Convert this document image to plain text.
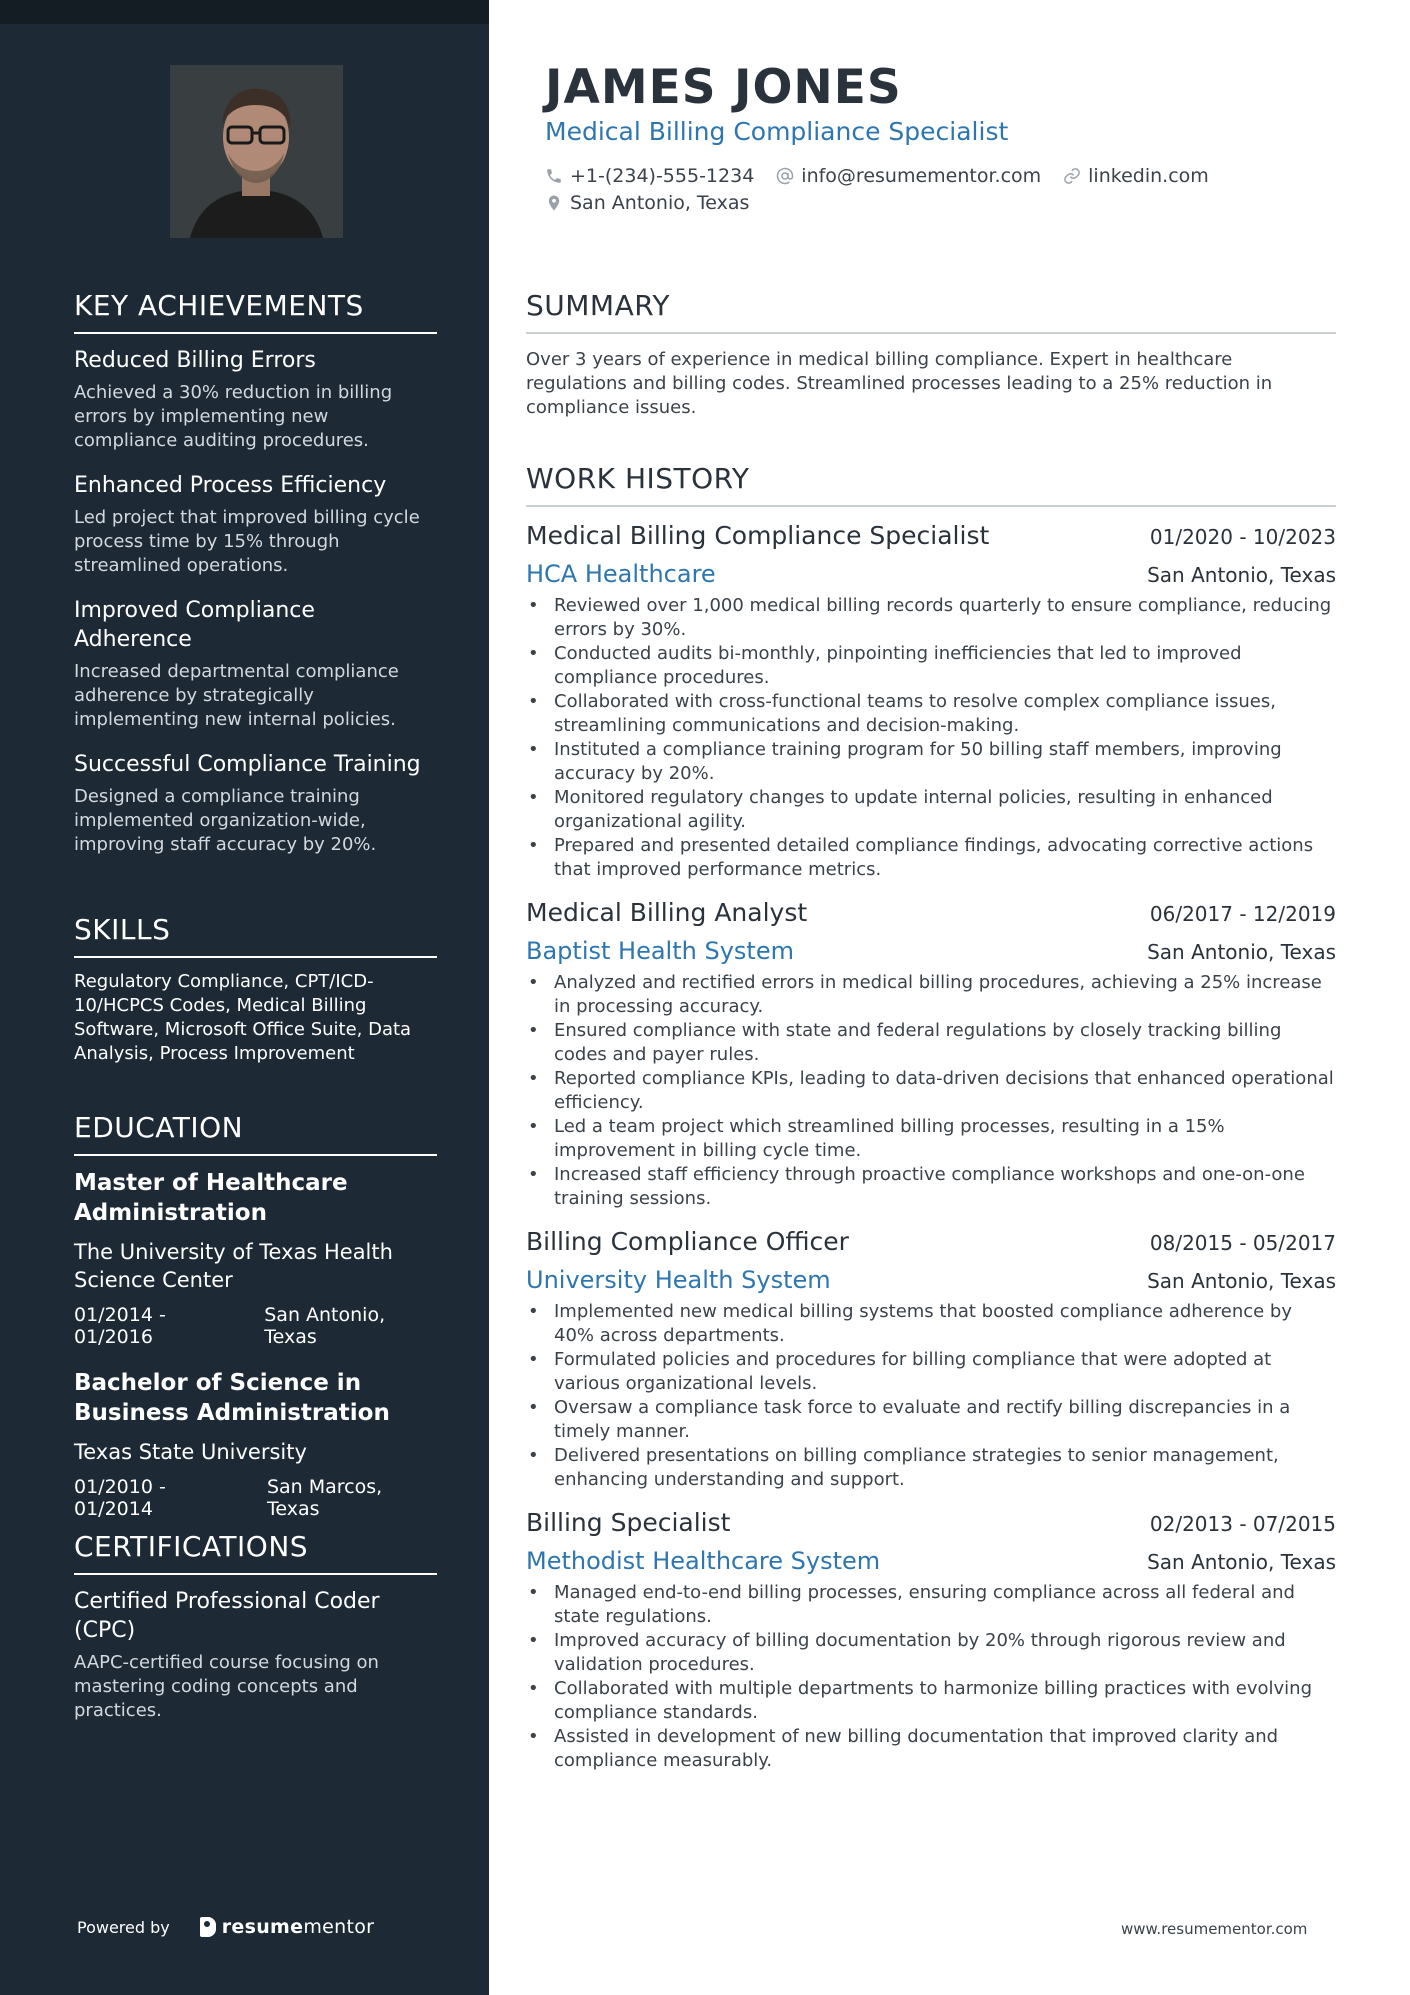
KEY ACHIEVEMENTS
Reduced Billing Errors
Achieved a 30% reduction in billing errors by implementing new compliance auditing procedures.
Enhanced Process Efficiency
Led project that improved billing cycle process time by 15% through streamlined operations.
Improved Compliance Adherence
Increased departmental compliance adherence by strategically implementing new internal policies.
Successful Compliance Training
Designed a compliance training implemented organization-wide, improving staff accuracy by 20%.
SKILLS
Regulatory Compliance, CPT/ICD-10/HCPCS Codes, Medical Billing Software, Microsoft Office Suite, Data Analysis, Process Improvement
EDUCATION
Master of Healthcare Administration
The University of Texas Health Science Center
01/2014 - 01/2016
San Antonio, Texas
Bachelor of Science in Business Administration
Texas State University
01/2010 - 01/2014
San Marcos, Texas
CERTIFICATIONS
Certified Professional Coder (CPC)
AAPC-certified course focusing on mastering coding concepts and practices.
Powered by	resume mentor
JAMES JONES
Medical Billing Compliance Specialist
+1-(234)-555-1234 info@resumementor.com linkedin.com
San Antonio, Texas
SUMMARY
Over 3 years of experience in medical billing compliance. Expert in healthcare regulations and billing codes. Streamlined processes leading to a 25% reduction in compliance issues.
WORK HISTORY
Medical Billing Compliance Specialist	01/2020 - 10/2023
HCA Healthcare	San Antonio, Texas
• Reviewed over 1,000 medical billing records quarterly to ensure compliance, reducing errors by 30%.
• Conducted audits bi-monthly, pinpointing inefficiencies that led to improved compliance procedures.
• Collaborated with cross-functional teams to resolve complex compliance issues, streamlining communications and decision-making.
• Instituted a compliance training program for 50 billing staff members, improving accuracy by 20%.
• Monitored regulatory changes to update internal policies, resulting in enhanced organizational agility.
• Prepared and presented detailed compliance findings, advocating corrective actions that improved performance metrics.
Medical Billing Analyst	06/2017 - 12/2019
Baptist Health System	San Antonio, Texas
• Analyzed and rectified errors in medical billing procedures, achieving a 25% increase in processing accuracy.
• Ensured compliance with state and federal regulations by closely tracking billing codes and payer rules.
• Reported compliance KPIs, leading to data-driven decisions that enhanced operational efficiency.
• Led a team project which streamlined billing processes, resulting in a 15% improvement in billing cycle time.
• Increased staff efficiency through proactive compliance workshops and one-on-one training sessions.
Billing Compliance Officer	08/2015 - 05/2017
University Health System	San Antonio, Texas
• Implemented new medical billing systems that boosted compliance adherence by 40% across departments.
• Formulated policies and procedures for billing compliance that were adopted at various organizational levels.
• Oversaw a compliance task force to evaluate and rectify billing discrepancies in a timely manner.
• Delivered presentations on billing compliance strategies to senior management, enhancing understanding and support.
Billing Specialist	02/2013 - 07/2015
Methodist Healthcare System	San Antonio, Texas
• Managed end-to-end billing processes, ensuring compliance across all federal and state regulations.
• Improved accuracy of billing documentation by 20% through rigorous review and validation procedures.
• Collaborated with multiple departments to harmonize billing practices with evolving compliance standards.
• Assisted in development of new billing documentation that improved clarity and compliance measurably.
www.resumementor.com
